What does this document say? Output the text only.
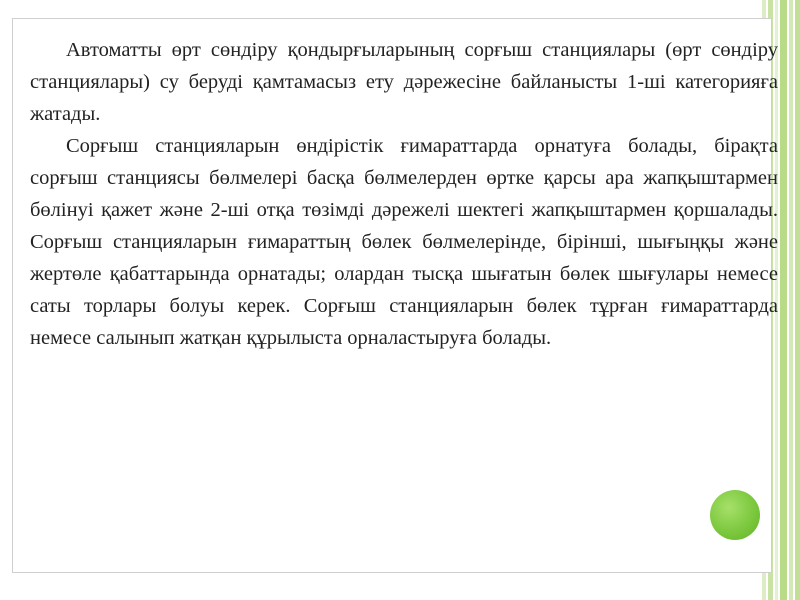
Автоматты өрт сөндіру қондырғыларының сорғыш станциялары (өрт сөндіру станциялары) су беруді қамтамасыз ету дәрежесіне байланысты 1-ші категорияға жатады.

Сорғыш станцияларын өндірістік ғимараттарда орнатуға болады, бірақта сорғыш станциясы бөлмелері басқа бөлмелерден өртке қарсы ара жапқыштармен бөлінуі қажет және 2-ші отқа төзімді дәрежелі шектегі жапқыштармен қоршалады. Сорғыш станцияларын ғимараттың бөлек бөлмелерінде, бірінші, шығыңқы және жертөле қабаттарында орнатады; олардан тысқа шығатын бөлек шығулары немесе саты торлары болуы керек. Сорғыш станцияларын бөлек тұрған ғимараттарда немесе салынып жатқан құрылыста орналастыруға болады.
